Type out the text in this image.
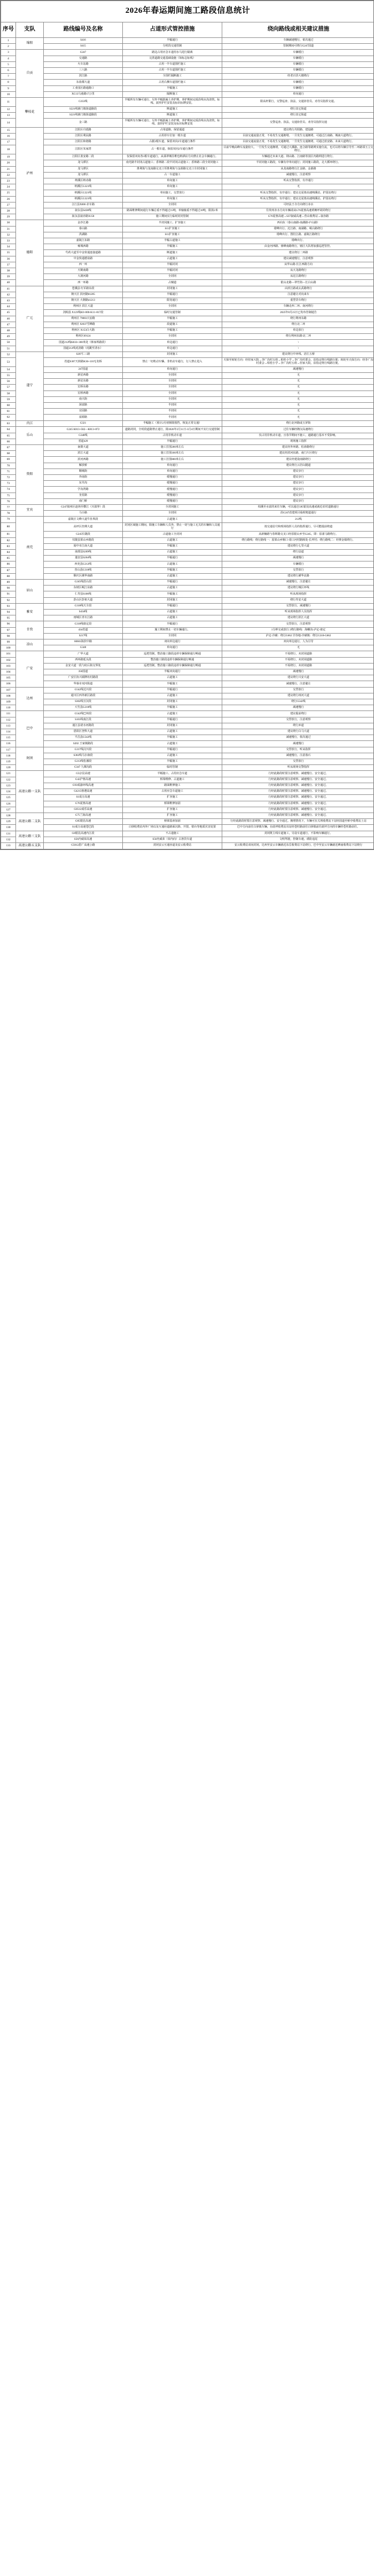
2026年春运期间施工路段信息统计				
序号	支队	路线编号及名称	占道形式管控措施	绕向路线或相关建议措施
1	绵阳	S416	半幅通行	车辆减速慢行，依次通过
2		S415	分时段交通管制	管制期间可绕行G247国道
3	自贡	G247	路边占用应急车道用水马进行隔离	车辆缓行
4		交通路	完善道路交通基础设施（如标志标线）	车辆缓行
5		火车站路	占用一半车道围栏施工	车辆缓行
6		三八路	占用一半车道围栏施工	车辆缓行
7		滨江路	全围栏隔断施工	经老百货大楼绕行
8		东盐都大道	占用右侧车道围栏施工	车辆缓行
9		工业园区路通路口	半幅施工	车辆缓行
10		XC13马童路17公里	隔断施工	单向通行
11	攀枝花	G353线	半幅所有车辆可通行，另外半幅混凝土养护期，养护期间完成沿线水沟浇筑，标线、波形护栏安装及标识标牌安装。	限高杆限行，交警巡查、执法，交通协管员、劝导员指挥交通。
12		S221线渔门镇街道路段	断道施工	绕行其它街道
13		S221线渔门镇街道路段	断道施工	绕行其它街道
14		金三路	半幅所有车辆可通行，另外半幅混凝土养护期，养护期间完成沿线水沟浇筑，标线、波形护栏安装及标识标牌安装	交警巡查、执法，交通协管员、劝导员指挥交通
15	泸州	江阳区丹霞路	占用道路，保留通道	建议绕行丹阳路、建设路
16		江阳区利民路	占用停车位加一根车道	目前交通流量正常，不易发生交通拥堵。一旦发生交通拥堵，可通过江南路、城南大道绕行。
17		江阳区和谐路	占据2根车道，保留双向2车道通行条件	目前交通流量正常，不易发生交通拥堵。一旦发生交通拥堵，可通过蓝安路、未来大道绕行。
18		江阳区朱家湾	占一根车道，保留双向2车通行条件	目前早晚高峰车流量较大，一旦发生交通拥堵，可通过大溪路、连合路等路网实施分流，也可以将车辆引导至二环路邻玉立交绕行。
19		江阳区蓝安路二段	仅保留双向各1根车道通行，从翡翠城往维也纳酒店方向禁止社会车辆通行。	车辆通过未来大道、荆山路、江南路等园区内路网进行绕行。
20		龙马潭区	南光路半封闭占道施工；香林路二段半封闭占道施工；香林路三段全封闭施工	半封闭施工路段，车辆有序单向通行；封闭施工路段，走大循环绕行。
21		龙马潭区	胜利街与龙南路交叉口至胜利街与金源路交叉口全封闭施工	从龙南路绕行汇金路、金源路
22		龙马潭区	占一车道施工	减速慢行，注意观察
23		纳溪区纳赤路	单向施工	听从交警指挥，有序通行
24		纳溪区G321线	单向施工	无
25		纳溪区G321线	单向施工，交替放行	听从交警指挥，有序通行；建议走夏蓉高速纳溪站、护国站绕行
26		纳溪区G321线	单向施工	听从交警指挥，有序通行；建议走夏蓉高速纳溪站、护国站绕行
27		合江县X006 赤车路	全封闭	可经法王寺方向绕行赤水
28		叙永县S438线	路面维修期间通行车辆总重不得超过15吨，单轴轴重不得超过10吨，限款2米	往贵州赤水方向车辆请从G76夏蓉高速黄桷坪胡同绕行
29		叙永县叙赤路X158	施工期间实行临时封闭管制	G76夏蓉高速→S37叙威高速→营山收费站→叙赤路
30	德阳	金沙江路	半封闭施工、扩容施工	西向东（泰山南路-南湖路-庐山路）
31		泰山路	S11扩容施工	错峰出行、沱江路、南湖路、岷山路绕行
32		洪湖路	S11扩容施工	错峰出行、图们江路、嘉陵江路绕行
33		嘉陵江东路	半幅占道施工	错峰出行、
34		雍城西路	半幅施工	由金河西路、蓥峰南路绕行，辖区大队将加强巡逻管控。
35		芍药大道至中金快通连接道路	断道施工	建议绕行二环路
36		中金快通德泉路	占道施工	建议减速慢行，注意观察
37		西一环	半幅封闭	从华山路-长江西路方向
38		天鹤南路	半幅封闭	从天龙路绕行
39		大渡河路	全封闭	从沱江路绕行
40		西一环路	占辅道	银山北路—翠竹街—长白山路
41	广元	苍溪县 红军路东段	封闭施工	由滨江路或玄武路绕行
42		朝天区 滨河路81205	半幅通行	注意避让对向来车
43		朝天区 大朝路41213	限宽通行	重型货车绕行
44		利州区 滨江大道	全封闭	车辆走西二环、南河绕行
45		剑阁县 X123线K0+000-K11+817段	临时交通管制	2025年8月25日已发布管制通告
46		利州区 79003兴安路	半幅施工	绕行利州东路
47		利州区 92037雪峰路	段道施工	绕行北二环
48		利州区 X153白大路	半幅施工	单边放行
49		利州区69124	全封闭	绕行利州东路/北二环
50		国道212线K833+300米处（韩家坝路段）	单边通行	\
51		国道212线虎清路（虎跳至清水）	单边通行	\
52	遂宁	S207仁三路	封闭施工	建议绕行中环线、涪江五桥
53		省道S307天转路K36+110无名桥	禁止一切机动车辆、非机动车通行，行人禁止进入	天保至转轮方向：经但家大院→李广沟村五组→柏桂小学→李广沟村委会，沿指定绕行线路行驶；转轮至天保方向：经李广沟村委会→柏桂小学→李广沟村五组→但家大院，沿指定绕行线路行驶。
54		247国道	单向通行	减速慢行
55		新星西路	全封闭	无
56		新星东路	全封闭	无
57		宏桥东路	全封闭	无
58		宏桥西路	全封闭	无
59		南兴街	全封闭	无
60		深富路	半封闭	无
61		宜园路	半封闭	无
62		富源路	半封闭	无
63	内江	G321	半幅施工（预计2月初拆除围挡，恢复正常交通）	绕行北环路或玉屏街
64	乐山	G245 K813+582—K813+872	道路封闭，全时段道路禁止通行，除2026年2月11日-3月4日期间不实行交通管制	过往车辆经隆汉高速绕行
65		G348线	占用非机动车道	仅占用非机动车道，且春节期间不施工，道路通行基本不受影响。
66		省道429	半幅通行	现场施工指挥
67	资阳	南骏大道	施工打围200米左右	建议经外环路、松涛路绕行
68		滨江大道	施工打围100米左右	建议经滨河东路、南门片区绕行
69		滨河西路	施工打围800米左右	建议经建设南路绕行
70		解放桥	单向通行	建议绕行云居山隧道
71		顺城街	单向通行	建议步行
72		外南街	缓慢通行	建议步行
73		东井沟	缓慢通行	建议步行
74		学沟湾路	缓慢通行	建议步行
75		奎星路	缓慢通行	建议步行
76		南门桥	缓慢通行	建议步行
77	宜宾	G247叙州区赵场至横江（川滇界）段	全封闭施工	柏溪至水富的来往车辆，可以通过G85银昆高速或就近农村道路通行
78		马小路	全封闭	沿G247改建项目临时便道通行
79	南充	嘉陵区文峰大道牛肚坝段	占道施工	212线
80		高坪区丝绸大道	封闭区域施工期间，除施工车辆和人员外，禁止一切与施工无关的车辆和人员通行	按交通信号和现场指挥人员的指挥通行，尽可能提前绕道
81		G245仪陇段	占道施工全封闭	从新楠路与春晖路交叉口经原银山乡至G245。即：原漾马路绕行。
82		仪陇县果山乡路段	占道施工	绕行路线：绕行路线一：原果山乡堰口-周口河村路障处-长坪村；绕行路线二：经赛金镇绕行。
83		阆中市江南大道	半幅施工	建议绕行七里大道
84		南部县S209线	占道施工	绕行县道
85		蓬安县S204线	半幅通行	减速慢行
86		西充县G212线	占道施工	车辆缓行
87		营山县G318线	半幅施工	交替放行
88		顺庆区潆华南路	占道施工	建议绕行潆华北路
89	眉山	G245线眉山段	半幅通行	减速慢行，注意避让
90		东坡区岷江东路	占道施工	建议绕行城区环线
91		仁寿县S106线	半幅施工	听从现场指挥
92		彭山区彭祖大道	封闭施工	绕行寿安大道
93	雅安	G318线天全段	半幅通行	交替放行，减速慢行
94		S434线	占道施工	听从现场指挥人员指挥
95		雨城区青衣江路	占道施工	建议绕行滨江大道
96	甘孜	G318线康定段	半幅通行	交替放行，注意观察
97		434省道	施工期间禁止一切车辆通行。	1分钟交或放行 2绕行路线：海螺沟-泸定-康定
98		S217线	全封闭	泸定-冷碛：绕行G662 甘谷地-冷碛镇：绕行G318-G662
99	凉山	60601海滨中路	双向单边通行	双向单边通行，人为引导
100		G348	单向通行	无
101	广安	广华大道	巡逻管制，整治施工路段违停车辆保障通行畅通	不需绕行，未封闭道路
102		西环路延头段	整治施工路段违停车辆保障通行畅通	不需绕行，未封闭道路
103		金安大道一段与府后街交界处	巡逻管制，整治施工路段违停车辆保障通行畅通	不需绕行，未封闭道路
104		350国道	半幅双向通行	减速慢行
105		广安区协兴镇牌坊村路段	占道施工	建议绕行兴安大道
106		华蓥市双河街道	半幅施工	减速慢行，注意避让
107	达州	G542线达川段	半幅通行	交替放行
108		通川区西外新区路段	占道施工	建议绕行州河大道
109		S302线宣汉段	封闭施工	绕行G542线
110		大竹县G210线	半幅施工	减速慢行
111	巴中	G542线巴州段	占道施工	建议提前绕行
112		S101线南江段	半幅通行	交替放行，注意观察
113		通江县诺水河路段	封闭施工	绕行乡道
114		恩阳区登科大道	占道施工	建议绕行白马大道
115		平昌县G542线	半幅施工	减速慢行，依次通过
116		S202 王家镇路段	占道施工	减速慢行
117	阿坝	G317线汶川段	半幅通行	交替放行，听从指挥
118		S302线马尔康段	占道施工	减速慢行，注意落石
119		G213线松潘段	半幅施工	交替放行
120		G347 九寨沟段	临时管制	听从现场交警指挥
121	高速公路一支队	G5京昆高速	半幅施工、占用应急车道	行经此路段时要注意观察、减速慢行、安全通过。
122		G42沪蓉高速	桥梁维修、占道施工	行经此路段时要注意观察、减速慢行、安全通过。
123		G93成渝环线高速	路面维修施工	行经此路段时要注意观察、减速慢行、安全通过。
124		G4215蓉遵高速	占用应急车道施工	行经此路段时要注意观察、减速慢行、安全通过。
125		S1成万高速	扩容施工	行经此路段时要注意观察、减速慢行、安全通过。
126		G76夏蓉高速	桥梁维修加固	行经此路段时要注意观察、减速慢行、安全通过。
127		G0512成乐高速	扩容施工	行经此路段时要注意观察、减速慢行、安全通过。
128	高速公路二支队	G75兰海高速	扩容施工	行经此路段时要注意观察、减速慢行、安全通过。
129		G85银昆高速	桥梁基座加固	行经此路段时要注意观察、减速慢行、安全通过。拥堵情况下，车辆可在关坝收费站下站经国道至桥亭收费站上站
130		S1成万高速苍巴段	白驿收费站内外广场以及互通匝道路面沉降、开裂、错台等地质灾害处置	巴中方向前往白驿镇车辆，在歧坪收费站出站经苍旺路前往白驿镇前往歧坪方向的车辆经苍旺路前往。
131	高速公路三支队	G8银昆高速内江段	不占道施工	封闭既主线车道施工，另设车道通行，不影响车辆通行。
132		S56内威荣高速	S56内威荣（荣内向）占客货车道	文明驾驶，控制车速，谨防追尾
133	高速公路五支队	G5012恩广高速公路	封闭安云互通匝道及安云收费站	安云收费站双向封闭，达州至安云车辆就近东岳收费站下站绕行，巴中至安云车辆就近碑庙收费站下站绕行
